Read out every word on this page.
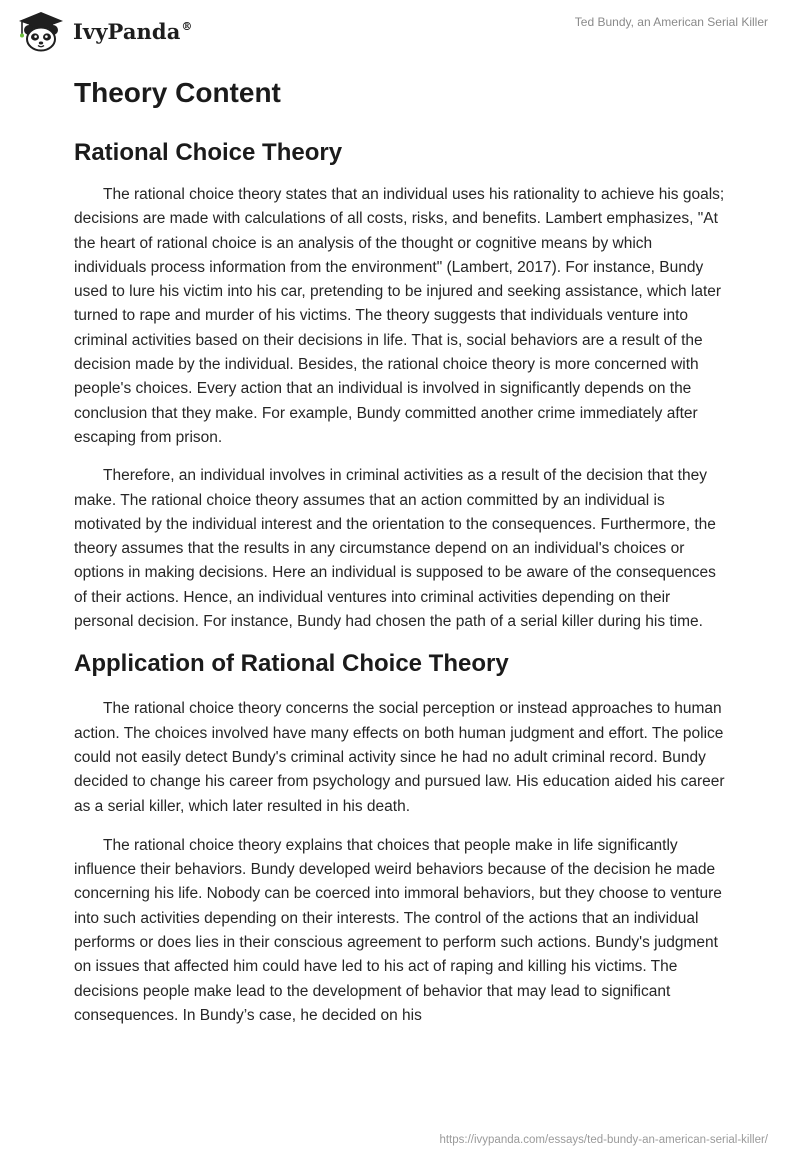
IvyPanda®	Ted Bundy, an American Serial Killer
Theory Content
Rational Choice Theory

The rational choice theory states that an individual uses his rationality to achieve his goals; decisions are made with calculations of all costs, risks, and benefits. Lambert emphasizes, "At the heart of rational choice is an analysis of the thought or cognitive means by which individuals process information from the environment" (Lambert, 2017). For instance, Bundy used to lure his victim into his car, pretending to be injured and seeking assistance, which later turned to rape and murder of his victims. The theory suggests that individuals venture into criminal activities based on their decisions in life. That is, social behaviors are a result of the decision made by the individual. Besides, the rational choice theory is more concerned with people's choices. Every action that an individual is involved in significantly depends on the conclusion that they make. For example, Bundy committed another crime immediately after escaping from prison.

Therefore, an individual involves in criminal activities as a result of the decision that they make. The rational choice theory assumes that an action committed by an individual is motivated by the individual interest and the orientation to the consequences. Furthermore, the theory assumes that the results in any circumstance depend on an individual's choices or options in making decisions. Here an individual is supposed to be aware of the consequences of their actions. Hence, an individual ventures into criminal activities depending on their personal decision. For instance, Bundy had chosen the path of a serial killer during his time.

Application of Rational Choice Theory

The rational choice theory concerns the social perception or instead approaches to human action. The choices involved have many effects on both human judgment and effort. The police could not easily detect Bundy's criminal activity since he had no adult criminal record. Bundy decided to change his career from psychology and pursued law. His education aided his career as a serial killer, which later resulted in his death.

The rational choice theory explains that choices that people make in life significantly influence their behaviors. Bundy developed weird behaviors because of the decision he made concerning his life. Nobody can be coerced into immoral behaviors, but they choose to venture into such activities depending on their interests. The control of the actions that an individual performs or does lies in their conscious agreement to perform such actions. Bundy's judgment on issues that affected him could have led to his act of raping and killing his victims. The decisions people make lead to the development of behavior that may lead to significant consequences. In Bundy’s case, he decided on his

https://ivypanda.com/essays/ted-bundy-an-american-serial-killer/
